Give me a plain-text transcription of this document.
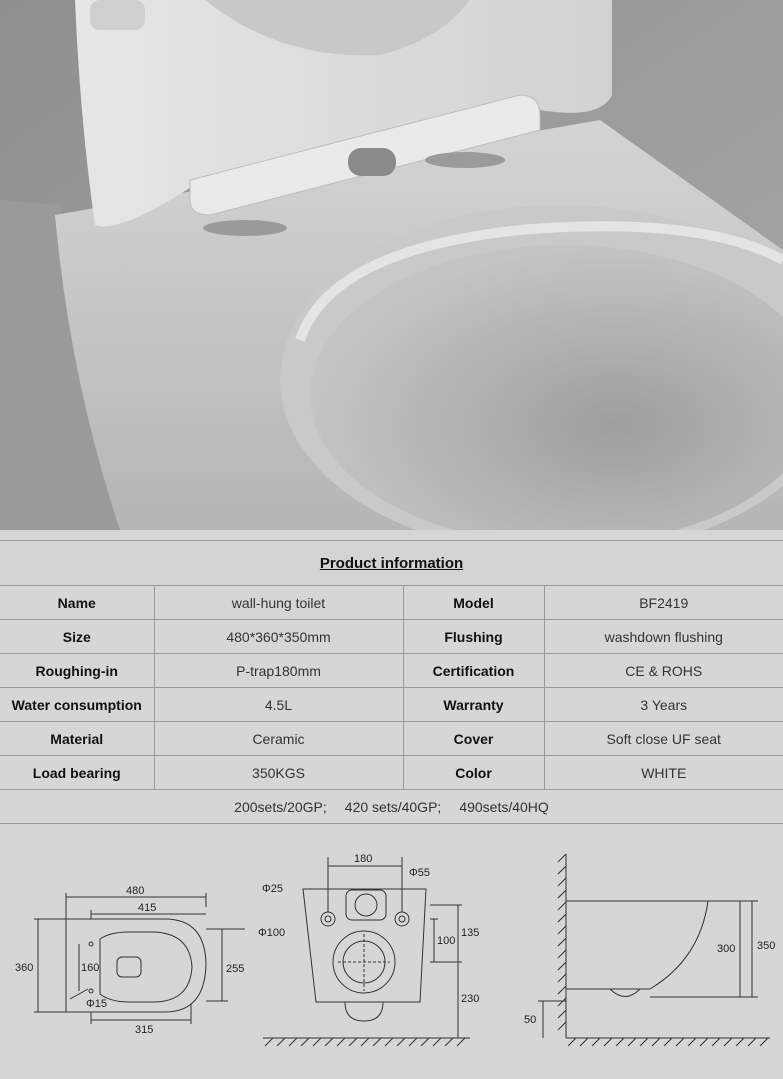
Product information
Name	wall-hung toilet	Model	BF2419
Size	480*360*350mm	Flushing	washdown flushing
Roughing-in	P-trap180mm	Certification	CE & ROHS
Water consumption	4.5L	Warranty	3 Years
Material	Ceramic	Cover	Soft close UF seat
Load bearing	350KGS	Color	WHITE
200sets/20GP; 420 sets/40GP; 490sets/40HQ
480
415
360	160	255
315
Φ15
180
Φ55
Φ25
Φ100
100
135
230
300 350
50
